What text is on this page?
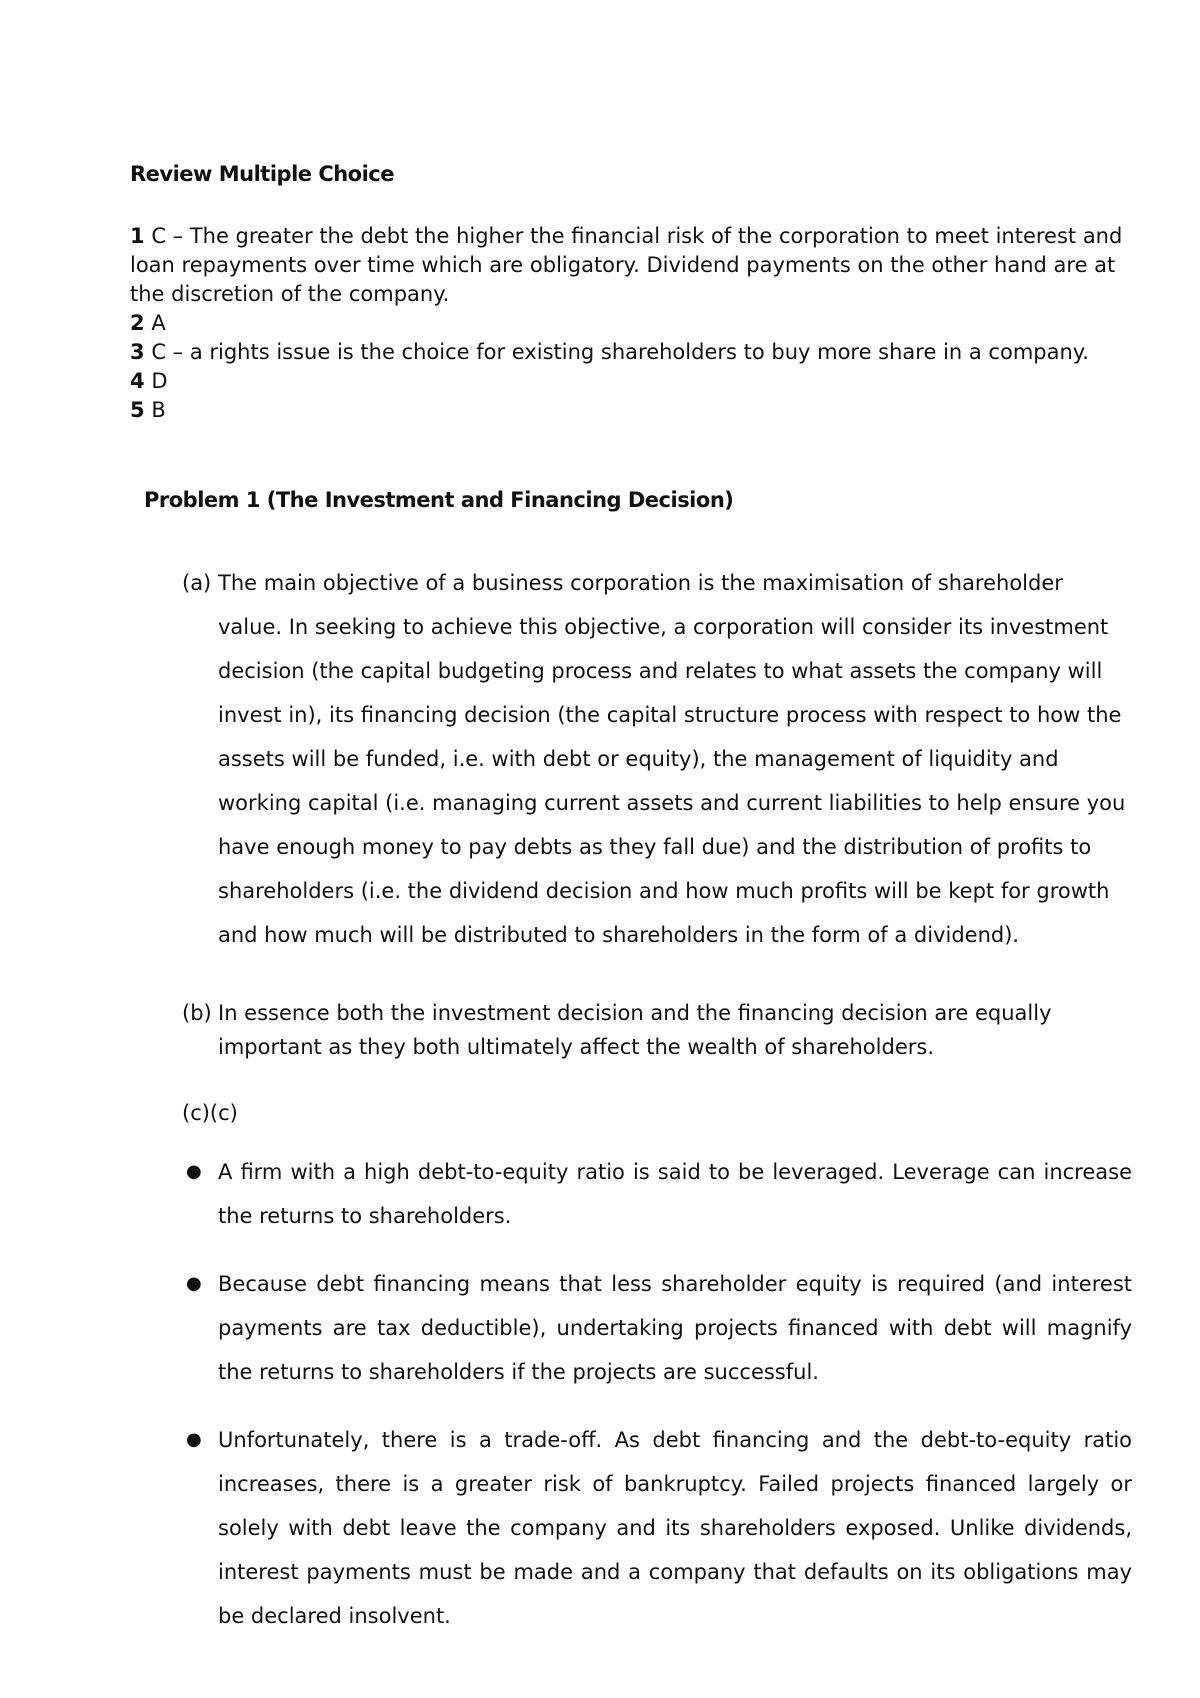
Review Multiple Choice
1 C – The greater the debt the higher the financial risk of the corporation to meet interest and loan repayments over time which are obligatory. Dividend payments on the other hand are at the discretion of the company.
2 A
3 C – a rights issue is the choice for existing shareholders to buy more share in a company.
4 D
5 B
Problem 1 (The Investment and Financing Decision)
(a) The main objective of a business corporation is the maximisation of shareholder value. In seeking to achieve this objective, a corporation will consider its investment decision (the capital budgeting process and relates to what assets the company will invest in), its financing decision (the capital structure process with respect to how the assets will be funded, i.e. with debt or equity), the management of liquidity and working capital (i.e. managing current assets and current liabilities to help ensure you have enough money to pay debts as they fall due) and the distribution of profits to shareholders (i.e. the dividend decision and how much profits will be kept for growth and how much will be distributed to shareholders in the form of a dividend).
(b) In essence both the investment decision and the financing decision are equally important as they both ultimately affect the wealth of shareholders.
(c)(c)
● A firm with a high debt-to-equity ratio is said to be leveraged. Leverage can increase the returns to shareholders.
● Because debt financing means that less shareholder equity is required (and interest payments are tax deductible), undertaking projects financed with debt will magnify the returns to shareholders if the projects are successful.
● Unfortunately, there is a trade-off. As debt financing and the debt-to-equity ratio increases, there is a greater risk of bankruptcy. Failed projects financed largely or solely with debt leave the company and its shareholders exposed. Unlike dividends, interest payments must be made and a company that defaults on its obligations may be declared insolvent.
